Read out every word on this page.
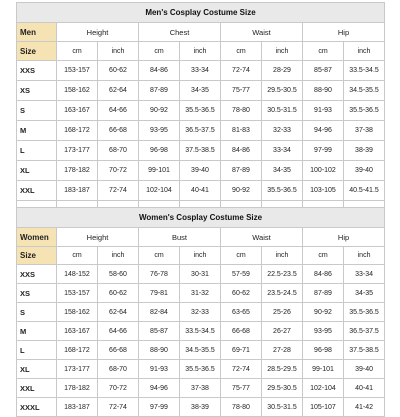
Men's Cosplay Costume Size								
Men	Height		Chest		Waist		Hip	
Size	cm	inch	cm	inch	cm	inch	cm	inch
XXS	153-157	60-62	84-86	33-34	72-74	28-29	85-87	33.5-34.5
XS	158-162	62-64	87-89	34-35	75-77	29.5-30.5	88-90	34.5-35.5
S	163-167	64-66	90-92	35.5-36.5	78-80	30.5-31.5	91-93	35.5-36.5
M	168-172	66-68	93-95	36.5-37.5	81-83	32-33	94-96	37-38
L	173-177	68-70	96-98	37.5-38.5	84-86	33-34	97-99	38-39
XL	178-182	70-72	99-101	39-40	87-89	34-35	100-102	39-40
XXL	183-187	72-74	102-104	40-41	90-92	35.5-36.5	103-105	40.5-41.5

Women's Cosplay Costume Size								
Women	Height		Bust		Waist		Hip	
Size	cm	inch	cm	inch	cm	inch	cm	inch
XXS	148-152	58-60	76-78	30-31	57-59	22.5-23.5	84-86	33-34
XS	153-157	60-62	79-81	31-32	60-62	23.5-24.5	87-89	34-35
S	158-162	62-64	82-84	32-33	63-65	25-26	90-92	35.5-36.5
M	163-167	64-66	85-87	33.5-34.5	66-68	26-27	93-95	36.5-37.5
L	168-172	66-68	88-90	34.5-35.5	69-71	27-28	96-98	37.5-38.5
XL	173-177	68-70	91-93	35.5-36.5	72-74	28.5-29.5	99-101	39-40
XXL	178-182	70-72	94-96	37-38	75-77	29.5-30.5	102-104	40-41
XXXL	183-187	72-74	97-99	38-39	78-80	30.5-31.5	105-107	41-42
